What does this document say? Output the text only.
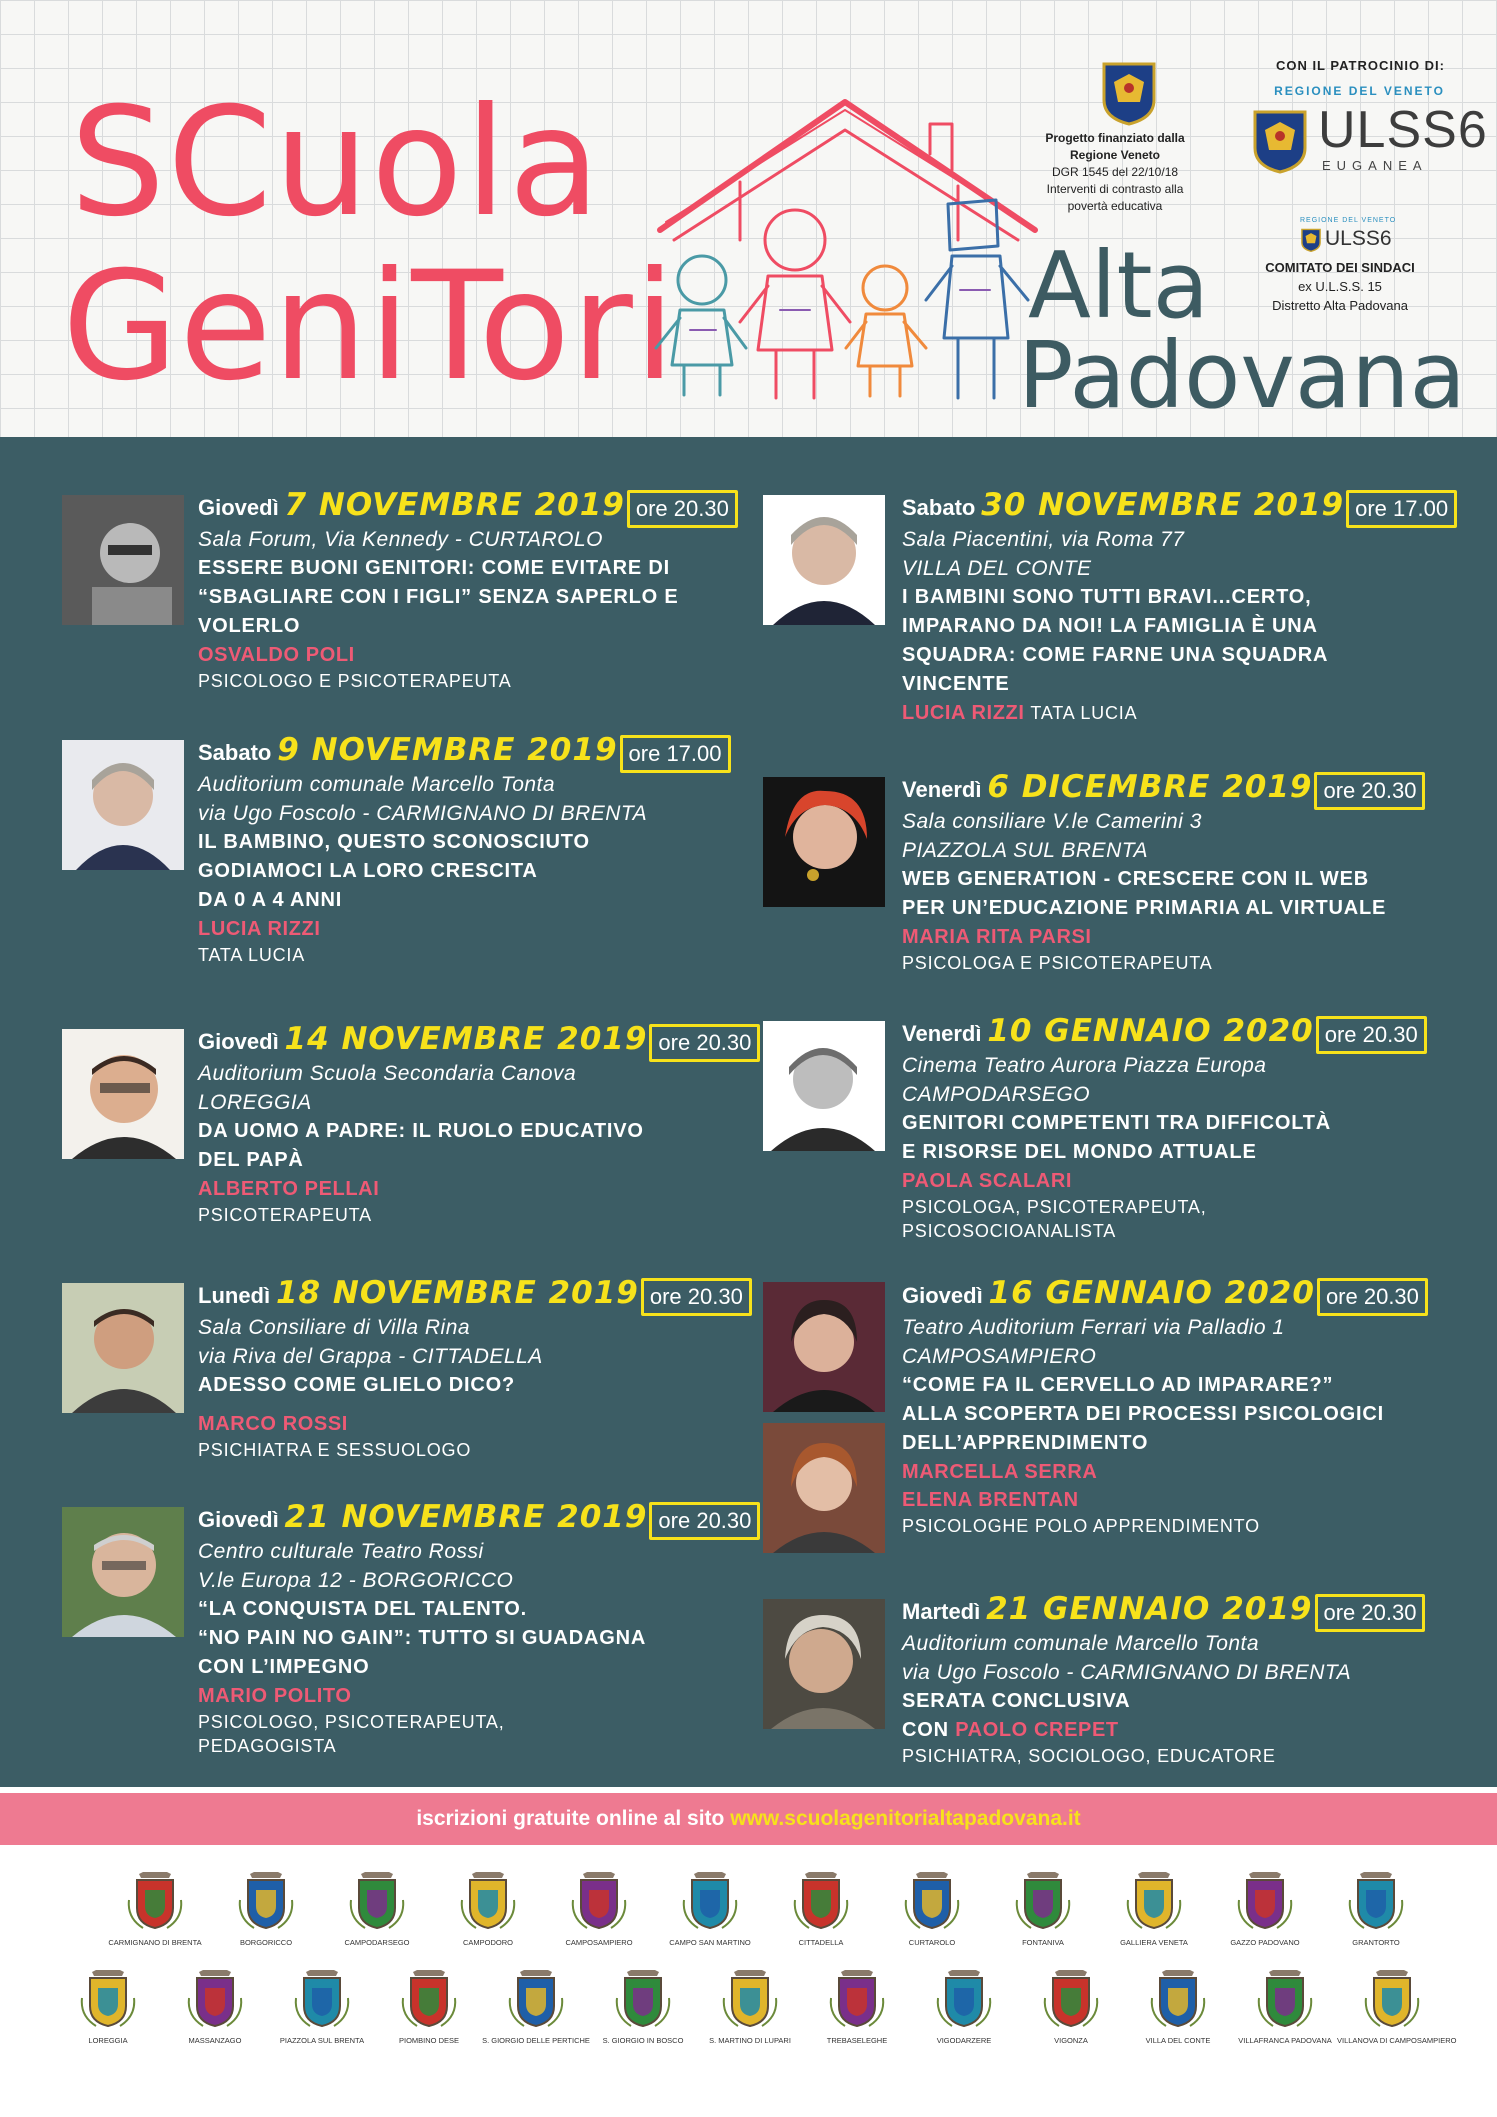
SCuola
GeniTori	Alta
Padovana
Progetto finanziato dalla
Regione Veneto
DGR 1545 del 22/10/18
Interventi di contrasto alla
povertà educativa
CON IL PATROCINIO DI:
REGIONE DEL VENETO
ULSS6
EUGANEA
REGIONE DEL VENETO
ULSS6
COMITATO DEI SINDACI
ex U.L.S.S. 15
Distretto Alta Padovana
Giovedì 7 NOVEMBRE 2019 ore 20.30
Sala Forum, Via Kennedy - CURTAROLO
ESSERE BUONI GENITORI: COME EVITARE DI
“SBAGLIARE CON I FIGLI” SENZA SAPERLO E
VOLERLO
OSVALDO POLI
PSICOLOGO E PSICOTERAPEUTA
Sabato 9 NOVEMBRE 2019 ore 17.00
Auditorium comunale Marcello Tonta
via Ugo Foscolo - CARMIGNANO DI BRENTA
IL BAMBINO, QUESTO SCONOSCIUTO
GODIAMOCI LA LORO CRESCITA
DA 0 A 4 ANNI
LUCIA RIZZI
TATA LUCIA
Giovedì 14 NOVEMBRE 2019 ore 20.30
Auditorium Scuola Secondaria Canova
LOREGGIA
DA UOMO A PADRE: IL RUOLO EDUCATIVO
DEL PAPÀ
ALBERTO PELLAI
PSICOTERAPEUTA
Lunedì 18 NOVEMBRE 2019 ore 20.30
Sala Consiliare di Villa Rina
via Riva del Grappa - CITTADELLA
ADESSO COME GLIELO DICO?
MARCO ROSSI
PSICHIATRA E SESSUOLOGO
Giovedì 21 NOVEMBRE 2019 ore 20.30
Centro culturale Teatro Rossi
V.le Europa 12 - BORGORICCO
“LA CONQUISTA DEL TALENTO.
“NO PAIN NO GAIN”: TUTTO SI GUADAGNA
CON L’IMPEGNO
MARIO POLITO
PSICOLOGO, PSICOTERAPEUTA,
PEDAGOGISTA
Sabato 30 NOVEMBRE 2019 ore 17.00
Sala Piacentini, via Roma 77
VILLA DEL CONTE
I BAMBINI SONO TUTTI BRAVI...CERTO,
IMPARANO DA NOI! LA FAMIGLIA È UNA
SQUADRA: COME FARNE UNA SQUADRA
VINCENTE
LUCIA RIZZI TATA LUCIA
Venerdì 6 DICEMBRE 2019 ore 20.30
Sala consiliare V.le Camerini 3
PIAZZOLA SUL BRENTA
WEB GENERATION - CRESCERE CON IL WEB
PER UN’EDUCAZIONE PRIMARIA AL VIRTUALE
MARIA RITA PARSI
PSICOLOGA E PSICOTERAPEUTA
Venerdì 10 GENNAIO 2020 ore 20.30
Cinema Teatro Aurora Piazza Europa
CAMPODARSEGO
GENITORI COMPETENTI TRA DIFFICOLTÀ
E RISORSE DEL MONDO ATTUALE
PAOLA SCALARI
PSICOLOGA, PSICOTERAPEUTA,
PSICOSOCIOANALISTA
Giovedì 16 GENNAIO 2020 ore 20.30
Teatro Auditorium Ferrari via Palladio 1
CAMPOSAMPIERO
“COME FA IL CERVELLO AD IMPARARE?”
ALLA SCOPERTA DEI PROCESSI PSICOLOGICI
DELL’APPRENDIMENTO
MARCELLA SERRA
ELENA BRENTAN
PSICOLOGHE POLO APPRENDIMENTO
Martedì 21 GENNAIO 2019 ore 20.30
Auditorium comunale Marcello Tonta
via Ugo Foscolo - CARMIGNANO DI BRENTA
SERATA CONCLUSIVA
CON PAOLO CREPET
PSICHIATRA, SOCIOLOGO, EDUCATORE
iscrizioni gratuite online al sito www.scuolagenitorialtapadovana.it
CARMIGNANO DI BRENTA	BORGORICCO	CAMPODARSEGO	CAMPODORO	CAMPOSAMPIERO	CAMPO SAN MARTINO	CITTADELLA	CURTAROLO	FONTANIVA	GALLIERA VENETA	GAZZO PADOVANO	GRANTORTO
LOREGGIA	MASSANZAGO	PIAZZOLA SUL BRENTA	PIOMBINO DESE	S. GIORGIO DELLE PERTICHE	S. GIORGIO IN BOSCO	S. MARTINO DI LUPARI	TREBASELEGHE	VIGODARZERE	VIGONZA	VILLA DEL CONTE	VILLAFRANCA PADOVANA VILLANOVA DI CAMPOSAMPIERO
